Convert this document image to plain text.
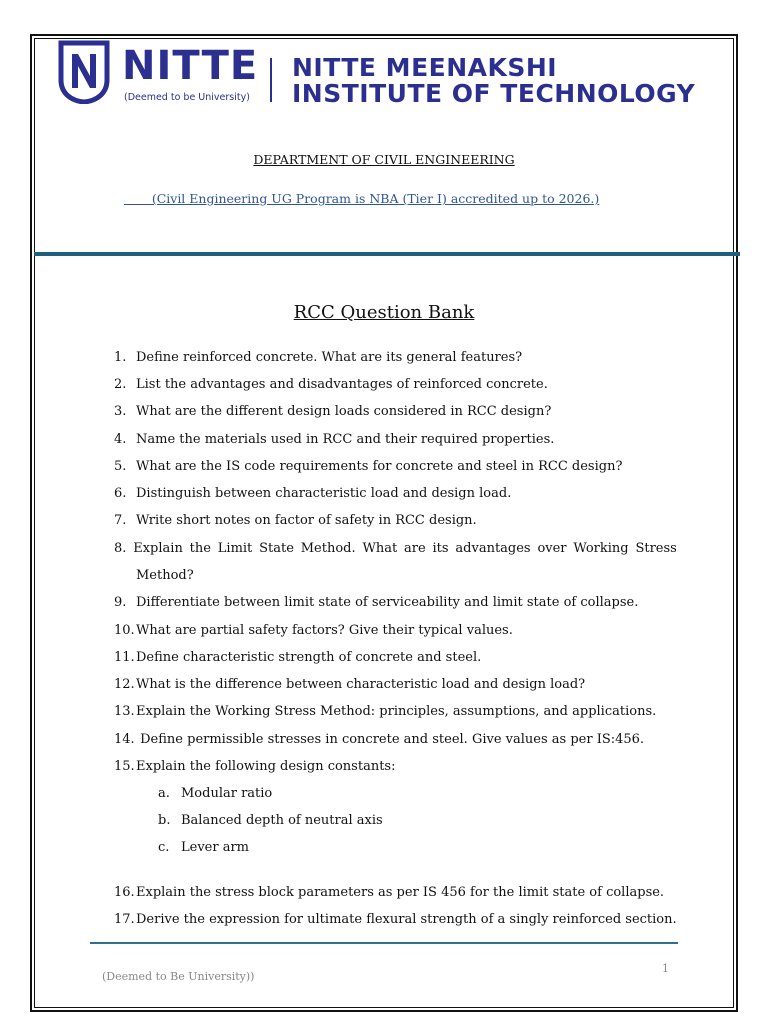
NITTE
(Deemed to be University)
NITTE MEENAKSHI
INSTITUTE OF TECHNOLOGY
DEPARTMENT OF CIVIL ENGINEERING
(Civil Engineering UG Program is NBA (Tier I) accredited up to 2026.)
RCC Question Bank
1. Define reinforced concrete. What are its general features?
2. List the advantages and disadvantages of reinforced concrete.
3. What are the different design loads considered in RCC design?
4. Name the materials used in RCC and their required properties.
5. What are the IS code requirements for concrete and steel in RCC design?
6. Distinguish between characteristic load and design load.
7. Write short notes on factor of safety in RCC design.
8. Explain the Limit State Method. What are its advantages over Working Stress
Method?
9. Differentiate between limit state of serviceability and limit state of collapse.
10.What are partial safety factors? Give their typical values.
11.Define characteristic strength of concrete and steel.
12.What is the difference between characteristic load and design load?
13.Explain the Working Stress Method: principles, assumptions, and applications.
14. Define permissible stresses in concrete and steel. Give values as per IS:456.
15.Explain the following design constants:
16.Explain the stress block parameters as per IS 456 for the limit state of collapse.
17.Derive the expression for ultimate flexural strength of a singly reinforced section.
a. Modular ratio
b. Balanced depth of neutral axis
c. Lever arm
(Deemed to Be University))
1
